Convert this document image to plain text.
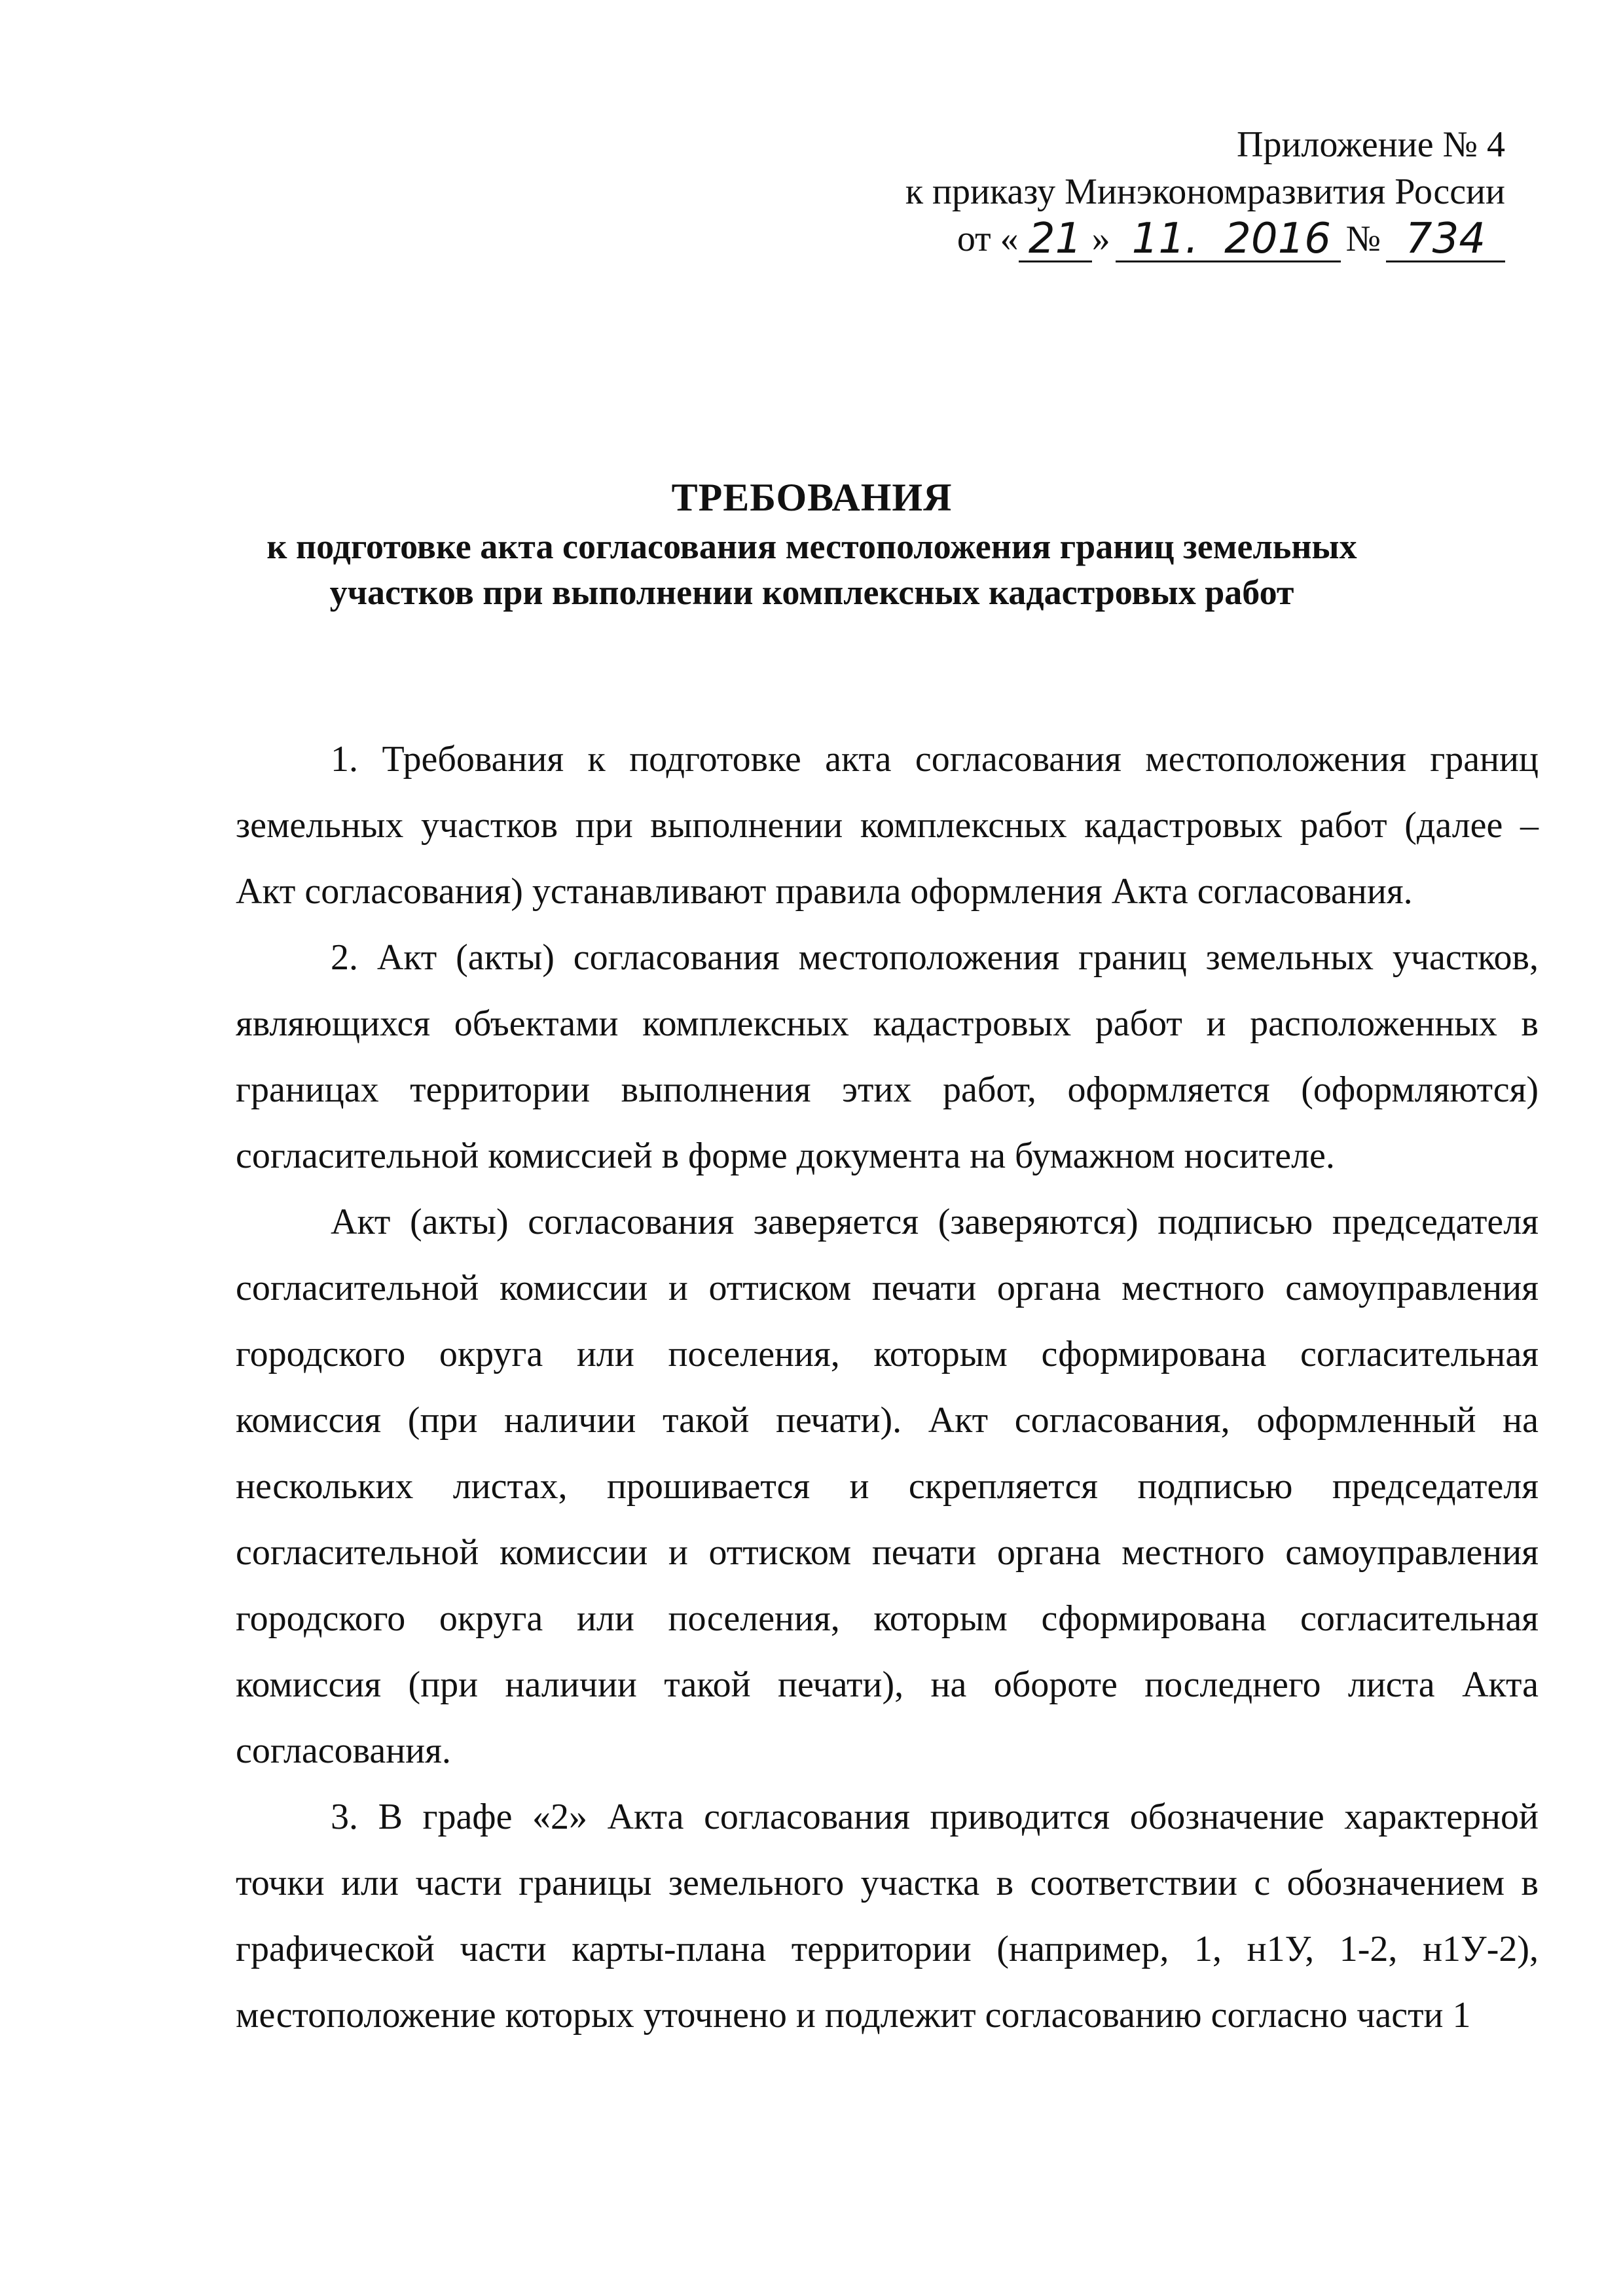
Приложение № 4
к приказу Минэкономразвития России
от « 21 » 11. 2016 № 734
ТРЕБОВАНИЯ
к подготовке акта согласования местоположения границ земельных
участков при выполнении комплексных кадастровых работ

1. Требования к подготовке акта согласования местоположения границ земельных участков при выполнении комплексных кадастровых работ (далее – Акт согласования) устанавливают правила оформления Акта согласования.

2. Акт (акты) согласования местоположения границ земельных участков, являющихся объектами комплексных кадастровых работ и расположенных в границах территории выполнения этих работ, оформляется (оформляются) согласительной комиссией в форме документа на бумажном носителе.

Акт (акты) согласования заверяется (заверяются) подписью председателя согласительной комиссии и оттиском печати органа местного самоуправления городского округа или поселения, которым сформирована согласительная комиссия (при наличии такой печати). Акт согласования, оформленный на нескольких листах, прошивается и скрепляется подписью председателя согласительной комиссии и оттиском печати органа местного самоуправления городского округа или поселения, которым сформирована согласительная комиссия (при наличии такой печати), на обороте последнего листа Акта согласования.

3. В графе «2» Акта согласования приводится обозначение характерной точки или части границы земельного участка в соответствии с обозначением в графической части карты-плана территории (например, 1, н1У, 1-2, н1У-2), местоположение которых уточнено и подлежит согласованию согласно части 1
